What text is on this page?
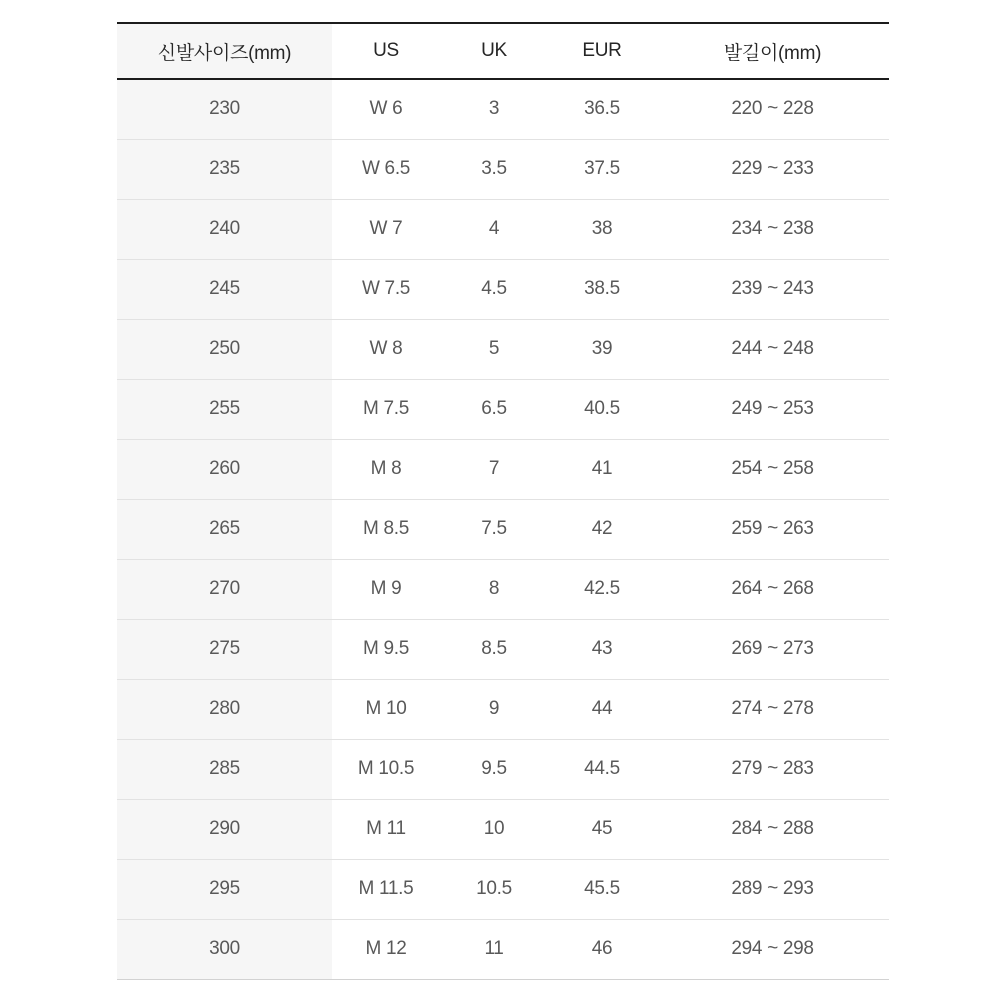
신발사이즈(mm)	US	UK	EUR	발길이(mm)
230	W 6	3	36.5	220 ~ 228
235	W 6.5	3.5	37.5	229 ~ 233
240	W 7	4	38	234 ~ 238
245	W 7.5	4.5	38.5	239 ~ 243
250	W 8	5	39	244 ~ 248
255	M 7.5	6.5	40.5	249 ~ 253
260	M 8	7	41	254 ~ 258
265	M 8.5	7.5	42	259 ~ 263
270	M 9	8	42.5	264 ~ 268
275	M 9.5	8.5	43	269 ~ 273
280	M 10	9	44	274 ~ 278
285	M 10.5	9.5	44.5	279 ~ 283
290	M 11	10	45	284 ~ 288
295	M 11.5	10.5	45.5	289 ~ 293
300	M 12	11	46	294 ~ 298
